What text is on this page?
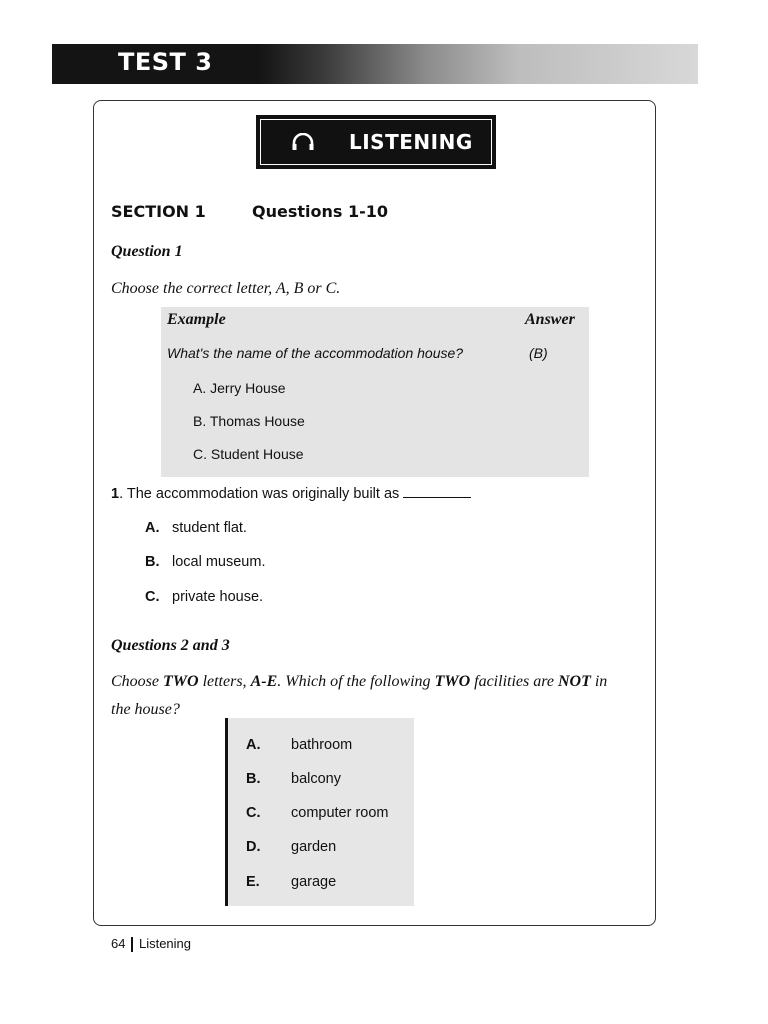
TEST 3
LISTENING
SECTION 1	Questions 1-10
Question 1
Choose the correct letter, A, B or C.
Example	Answer
What's the name of the accommodation house?	(B)
A. Jerry House
B. Thomas House
C. Student House
1. The accommodation was originally built as
A. student flat.
B. local museum.
C. private house.
Questions 2 and 3
Choose TWO letters, A-E. Which of the following TWO facilities are NOT in
the house?
A. bathroom
B. balcony
C. computer room
D. garden
E. garage
64 Listening
